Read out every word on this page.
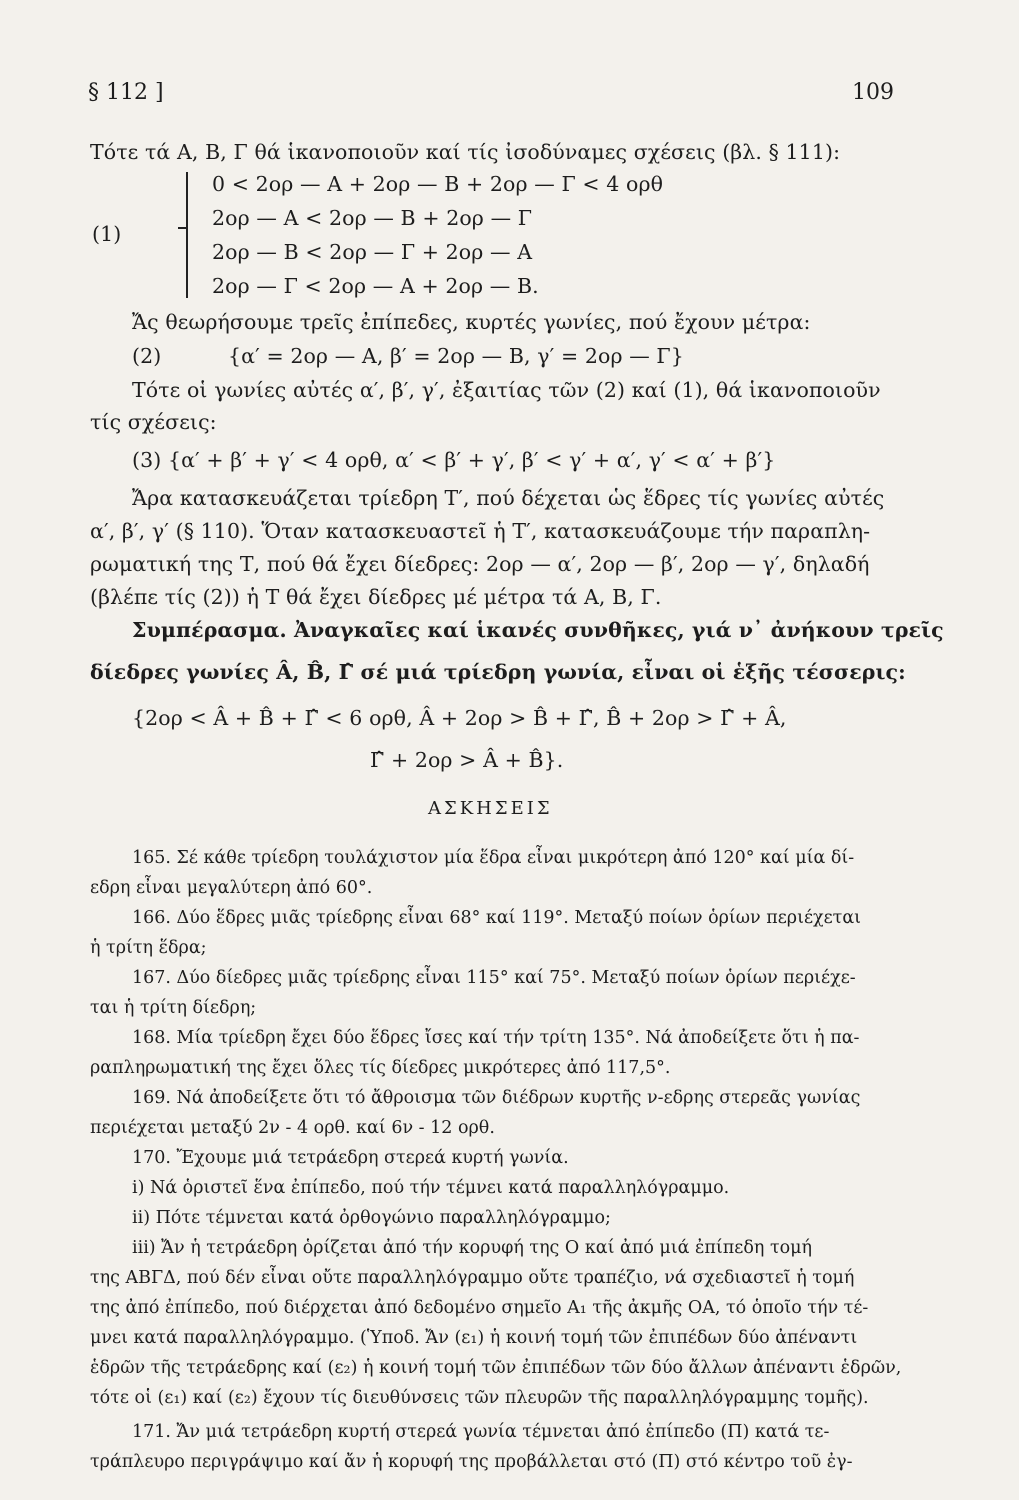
§ 112 ]	109
Τότε τά Α, Β, Γ θά ἱκανοποιοῦν καί τίς ἰσοδύναμες σχέσεις (βλ. § 111):
(1)
0 < 2ορ — Α + 2ορ — Β + 2ορ — Γ < 4 ορθ
2ορ — Α < 2ορ — Β + 2ορ — Γ
2ορ — Β < 2ορ — Γ + 2ορ — Α
2ορ — Γ < 2ορ — Α + 2ορ — Β.
Ἄς θεωρήσουμε τρεῖς ἐπίπεδες, κυρτές γωνίες, πού ἔχουν μέτρα:
(2)	{α′ = 2ορ — Α, β′ = 2ορ — Β, γ′ = 2ορ — Γ}
Τότε οἱ γωνίες αὐτές α′, β′, γ′, ἐξαιτίας τῶν (2) καί (1), θά ἱκανοποιοῦν
τίς σχέσεις:
(3) {α′ + β′ + γ′ < 4 ορθ, α′ < β′ + γ′, β′ < γ′ + α′, γ′ < α′ + β′}
Ἄρα κατασκευάζεται τρίεδρη Τ′, πού δέχεται ὡς ἕδρες τίς γωνίες αὐτές
α′, β′, γ′ (§ 110). Ὅταν κατασκευαστεῖ ἡ Τ′, κατασκευάζουμε τήν παραπλη-
ρωματική της Τ, πού θά ἔχει δίεδρες: 2ορ — α′, 2ορ — β′, 2ορ — γ′, δηλαδή
(βλέπε τίς (2)) ἡ Τ θά ἔχει δίεδρες μέ μέτρα τά Α, Β, Γ.
Συμπέρασμα. Ἀναγκαῖες καί ἱκανές συνθῆκες, γιά ν᾽ ἀνήκουν τρεῖς
δίεδρες γωνίες Â, B̂, Γ̂ σέ μιά τρίεδρη γωνία, εἶναι οἱ ἑξῆς τέσσερις:
{2ορ < Â + B̂ + Γ̂ < 6 ορθ, Â + 2ορ > B̂ + Γ̂, B̂ + 2ορ > Γ̂ + Â,
Γ̂ + 2ορ > Â + B̂}.
ΑΣΚΗΣΕΙΣ
165. Σέ κάθε τρίεδρη τουλάχιστον μία ἕδρα εἶναι μικρότερη ἀπό 120° καί μία δί-
εδρη εἶναι μεγαλύτερη ἀπό 60°.
166. Δύο ἕδρες μιᾶς τρίεδρης εἶναι 68° καί 119°. Μεταξύ ποίων ὁρίων περιέχεται
ἡ τρίτη ἕδρα;
167. Δύο δίεδρες μιᾶς τρίεδρης εἶναι 115° καί 75°. Μεταξύ ποίων ὁρίων περιέχε-
ται ἡ τρίτη δίεδρη;
168. Μία τρίεδρη ἔχει δύο ἕδρες ἴσες καί τήν τρίτη 135°. Νά ἀποδείξετε ὅτι ἡ πα-
ραπληρωματική της ἔχει ὅλες τίς δίεδρες μικρότερες ἀπό 117,5°.
169. Νά ἀποδείξετε ὅτι τό ἄθροισμα τῶν διέδρων κυρτῆς ν-εδρης στερεᾶς γωνίας
περιέχεται μεταξύ 2ν - 4 ορθ. καί 6ν - 12 ορθ.
170. Ἔχουμε μιά τετράεδρη στερεά κυρτή γωνία.
i) Νά ὁριστεῖ ἕνα ἐπίπεδο, πού τήν τέμνει κατά παραλληλόγραμμο.
ii) Πότε τέμνεται κατά ὀρθογώνιο παραλληλόγραμμο;
iii) Ἄν ἡ τετράεδρη ὁρίζεται ἀπό τήν κορυφή της Ο καί ἀπό μιά ἐπίπεδη τομή
της ΑΒΓΔ, πού δέν εἶναι οὔτε παραλληλόγραμμο οὔτε τραπέζιο, νά σχεδιαστεῖ ἡ τομή
της ἀπό ἐπίπεδο, πού διέρχεται ἀπό δεδομένο σημεῖο Α₁ τῆς ἀκμῆς ΟΑ, τό ὁποῖο τήν τέ-
μνει κατά παραλληλόγραμμο. (Ὑποδ. Ἄν (ε₁) ἡ κοινή τομή τῶν ἐπιπέδων δύο ἀπέναντι
ἑδρῶν τῆς τετράεδρης καί (ε₂) ἡ κοινή τομή τῶν ἐπιπέδων τῶν δύο ἄλλων ἀπέναντι ἑδρῶν,
τότε οἱ (ε₁) καί (ε₂) ἔχουν τίς διευθύνσεις τῶν πλευρῶν τῆς παραλληλόγραμμης τομῆς).
171. Ἄν μιά τετράεδρη κυρτή στερεά γωνία τέμνεται ἀπό ἐπίπεδο (Π) κατά τε-
τράπλευρο περιγράψιμο καί ἄν ἡ κορυφή της προβάλλεται στό (Π) στό κέντρο τοῦ ἐγ-
